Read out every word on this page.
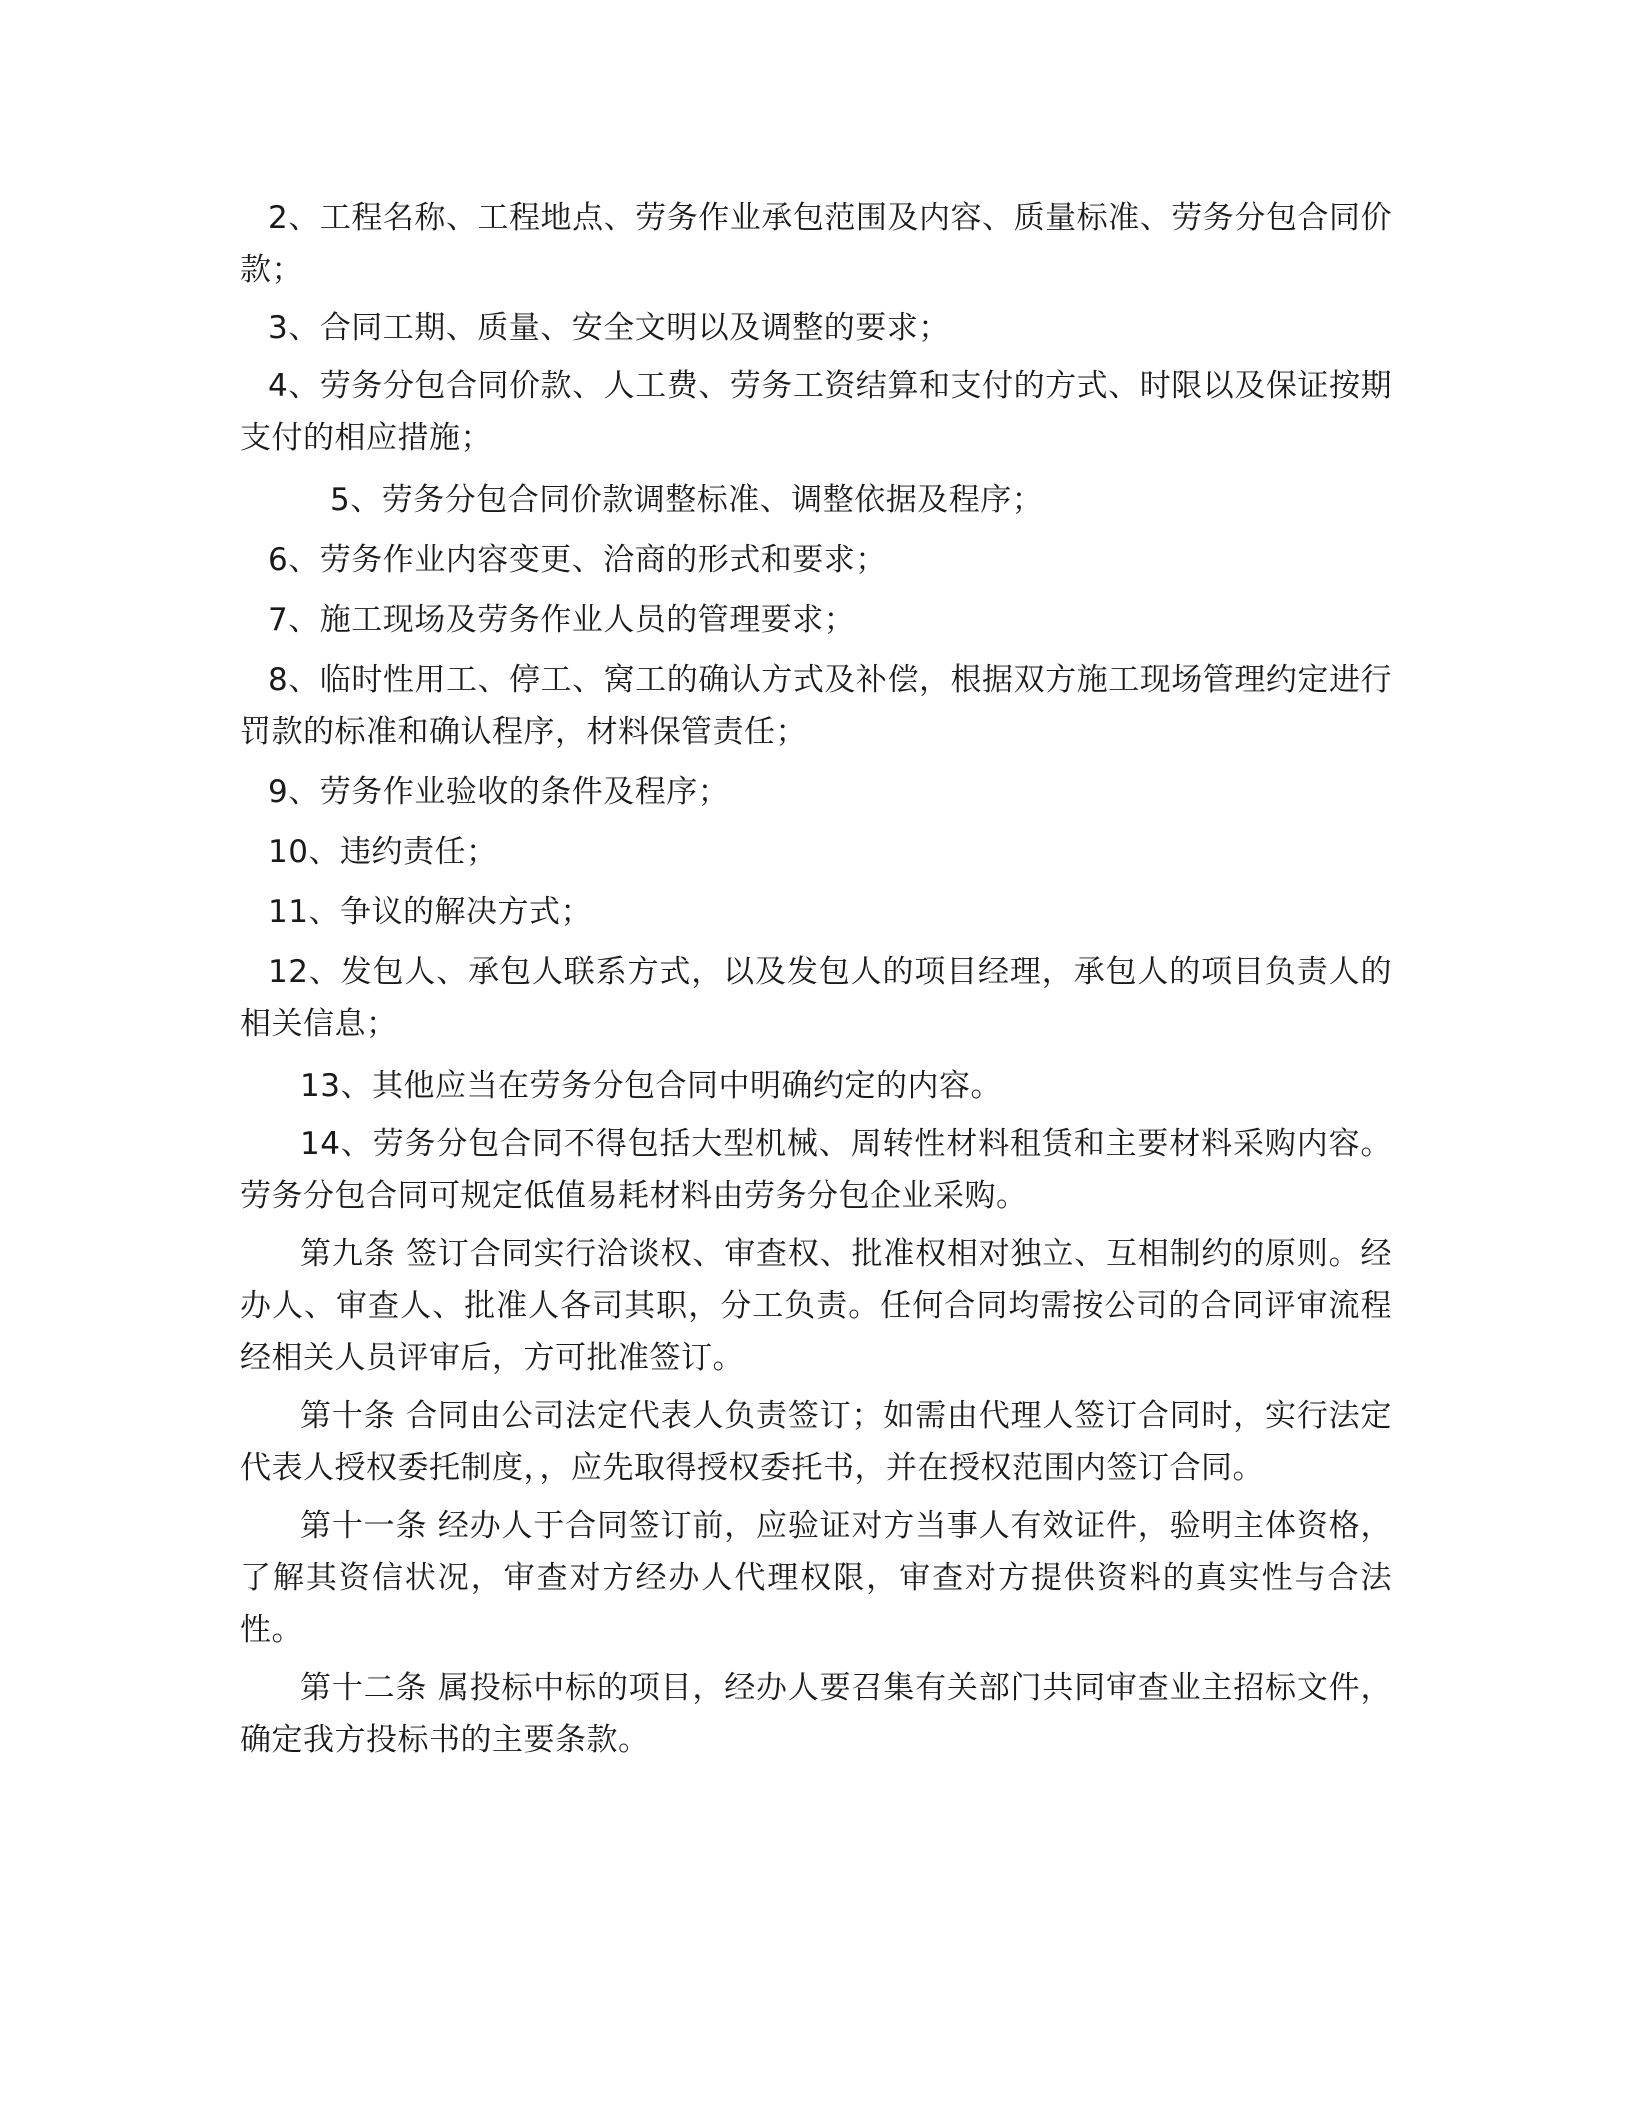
2、工程名称、工程地点、劳务作业承包范围及内容、质量标准、劳务分包合同价款；

3、合同工期、质量、安全文明以及调整的要求；

4、劳务分包合同价款、人工费、劳务工资结算和支付的方式、时限以及保证按期支付的相应措施；

5、劳务分包合同价款调整标准、调整依据及程序；

6、劳务作业内容变更、洽商的形式和要求；

7、施工现场及劳务作业人员的管理要求；

8、临时性用工、停工、窝工的确认方式及补偿，根据双方施工现场管理约定进行罚款的标准和确认程序，材料保管责任；

9、劳务作业验收的条件及程序；

10、违约责任；

11、争议的解决方式；

12、发包人、承包人联系方式，以及发包人的项目经理，承包人的项目负责人的相关信息；

13、其他应当在劳务分包合同中明确约定的内容。

14、劳务分包合同不得包括大型机械、周转性材料租赁和主要材料采购内容。劳务分包合同可规定低值易耗材料由劳务分包企业采购。

第九条 签订合同实行洽谈权、审查权、批准权相对独立、互相制约的原则。经办人、审查人、批准人各司其职，分工负责。任何合同均需按公司的合同评审流程经相关人员评审后，方可批准签订。

第十条 合同由公司法定代表人负责签订；如需由代理人签订合同时，实行法定代表人授权委托制度，，应先取得授权委托书，并在授权范围内签订合同。

第十一条 经办人于合同签订前，应验证对方当事人有效证件，验明主体资格，了解其资信状况，审查对方经办人代理权限，审查对方提供资料的真实性与合法性。

第十二条 属投标中标的项目，经办人要召集有关部门共同审查业主招标文件，确定我方投标书的主要条款。
